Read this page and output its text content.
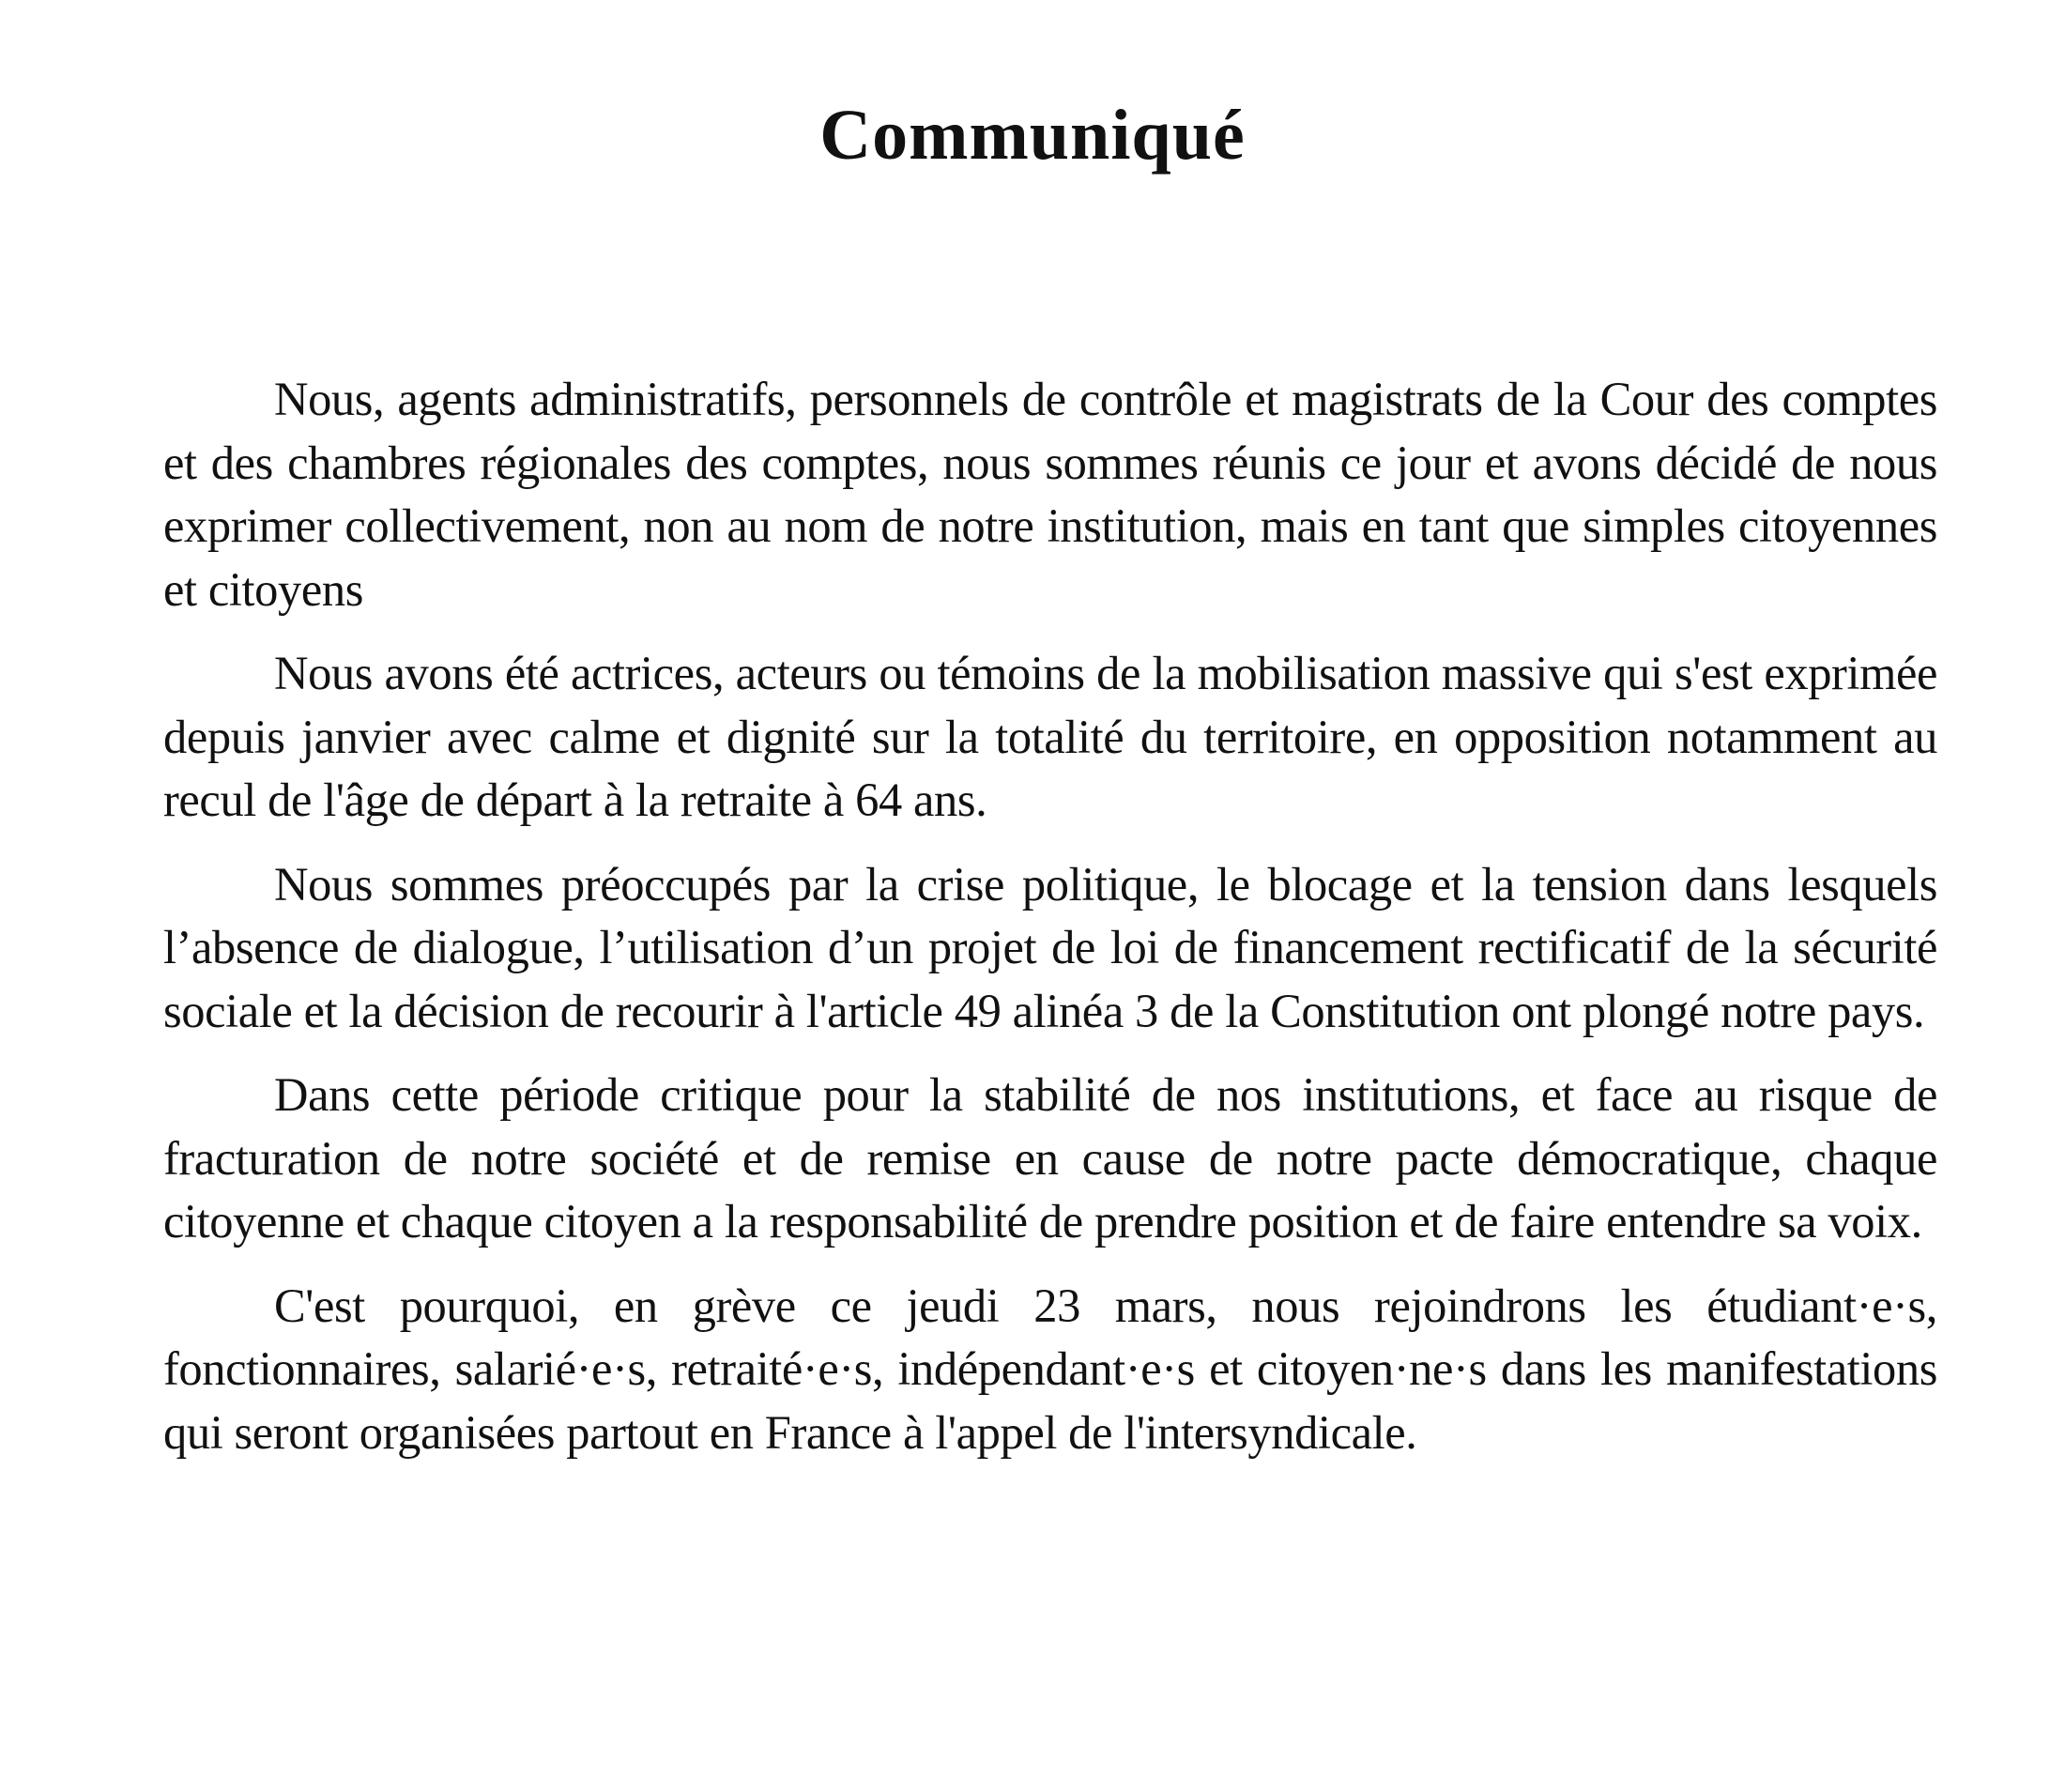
Communiqué

Nous, agents administratifs, personnels de contrôle et magistrats de la Cour des comptes et des chambres régionales des comptes, nous sommes réunis ce jour et avons décidé de nous exprimer collectivement, non au nom de notre institution, mais en tant que simples citoyennes et citoyens

Nous avons été actrices, acteurs ou témoins de la mobilisation massive qui s'est exprimée depuis janvier avec calme et dignité sur la totalité du territoire, en opposition notamment au recul de l'âge de départ à la retraite à 64 ans.

Nous sommes préoccupés par la crise politique, le blocage et la tension dans lesquels l’absence de dialogue, l’utilisation d’un projet de loi de financement rectificatif de la sécurité sociale et la décision de recourir à l'article 49 alinéa 3 de la Constitution ont plongé notre pays.

Dans cette période critique pour la stabilité de nos institutions, et face au risque de fracturation de notre société et de remise en cause de notre pacte démocratique, chaque citoyenne et chaque citoyen a la responsabilité de prendre position et de faire entendre sa voix.

C'est pourquoi, en grève ce jeudi 23 mars, nous rejoindrons les étudiant·e·s, fonctionnaires, salarié·e·s, retraité·e·s, indépendant·e·s et citoyen·ne·s dans les manifestations qui seront organisées partout en France à l'appel de l'intersyndicale.
